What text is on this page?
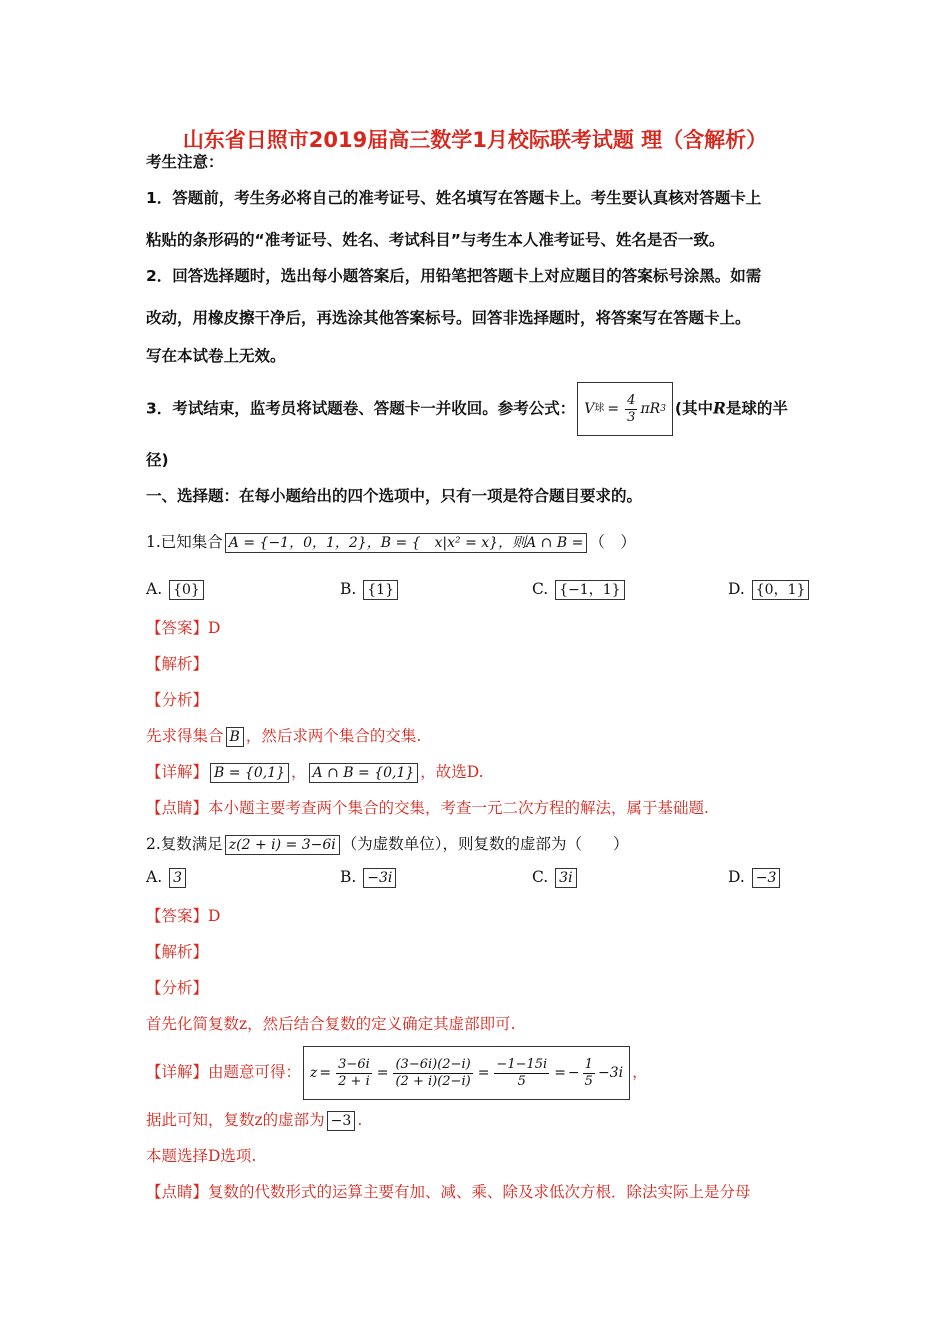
山东省日照市2019届高三数学1月校际联考试题 理（含解析）
考生注意：
1．答题前，考生务必将自己的准考证号、姓名填写在答题卡上。考生要认真核对答题卡上
粘贴的条形码的“准考证号、姓名、考试科目”与考生本人准考证号、姓名是否一致。
2．回答选择题时，选出每小题答案后，用铅笔把答题卡上对应题目的答案标号涂黑。如需
改动，用橡皮擦干净后，再选涂其他答案标号。回答非选择题时，将答案写在答题卡上。
写在本试卷上无效。
3．考试结束，监考员将试题卷、答题卡一并收回。参考公式： V 球 = $\frac{4}{3}$ πR 3 (其中R是球的半
径)
一、选择题：在每小题给出的四个选项中，只有一项是符合题目要求的。
1.已知集合 A = {−1，0，1，2}，B = {　x|x² = x}，则A ∩ B = （　）
A. {0}	B. {1}	C. {−1，1}	D. {0，1}
【答案】D
【解析】
【分析】
先求得集合 B ，然后求两个集合的交集.
【详解】 B = {0,1} ， A ∩ B = {0,1} ，故选D.
【点睛】本小题主要考查两个集合的交集，考查一元二次方程的解法，属于基础题.
2.复数满足 z(2 + i) = 3−6i （为虚数单位），则复数的虚部为（　　）
A. 3	B. −3i	C. 3i	D. −3
【答案】D
【解析】
【分析】
首先化简复数z，然后结合复数的定义确定其虚部即可.
【详解】由题意可得： $z = \frac{3-6i}{2 + i} = \frac{(3-6i)(2-i)}{(2 + i)(2-i)} = \frac{-1-15i}{5}$ = − $\frac{1}{5} -3i$ ，
据此可知，复数z的虚部为 −3 .
本题选择D选项.
【点睛】复数的代数形式的运算主要有加、减、乘、除及求低次方根．除法实际上是分母
